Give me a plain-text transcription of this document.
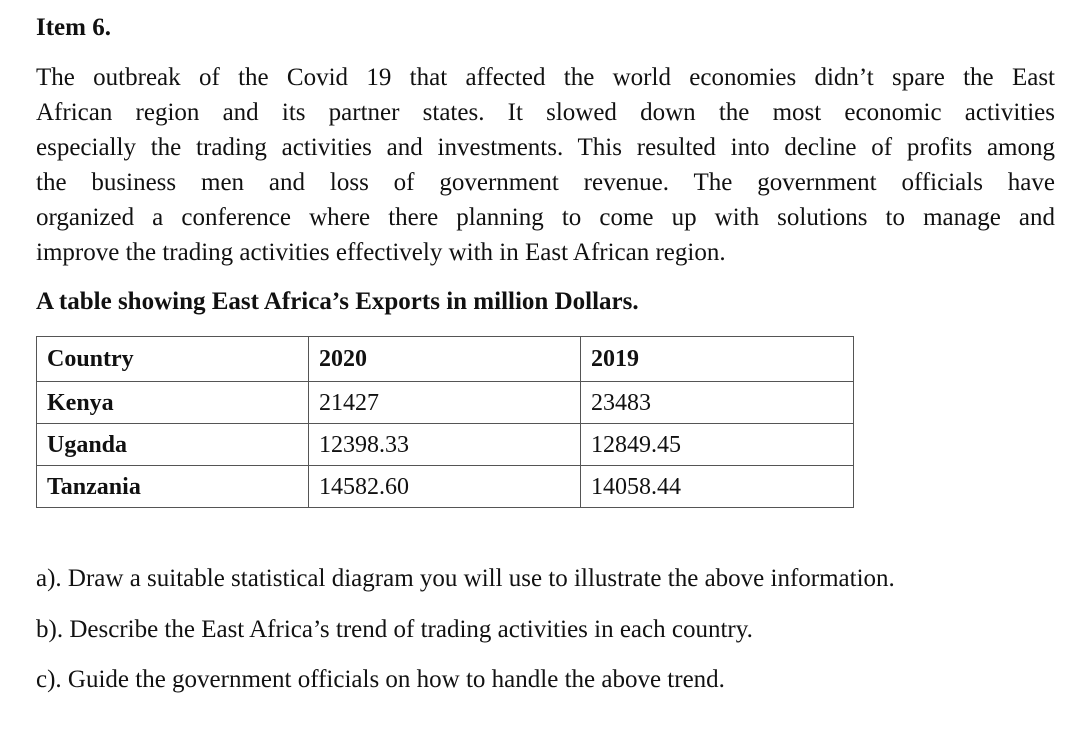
Item 6.

The outbreak of the Covid 19 that affected the world economies didn’t spare the East

African region and its partner states. It slowed down the most economic activities

especially the trading activities and investments. This resulted into decline of profits among

the business men and loss of government revenue. The government officials have

organized a conference where there planning to come up with solutions to manage and

improve the trading activities effectively with in East African region.

A table showing East Africa’s Exports in million Dollars.

Country	2020	2019
Kenya	21427	23483
Uganda	12398.33	12849.45
Tanzania	14582.60	14058.44

a). Draw a suitable statistical diagram you will use to illustrate the above information.

b). Describe the East Africa’s trend of trading activities in each country.

c). Guide the government officials on how to handle the above trend.
